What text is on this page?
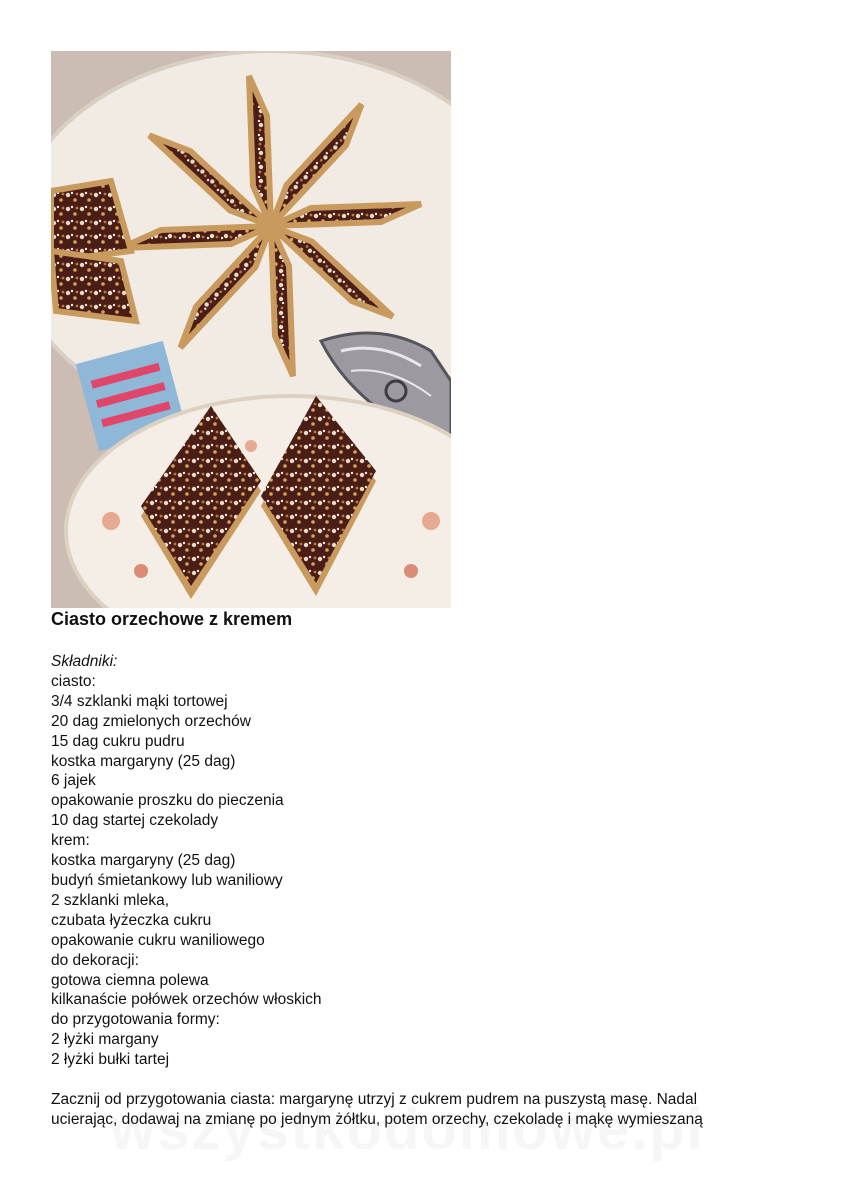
Ciasto orzechowe z kremem
Składniki:
ciasto:
3/4 szklanki mąki tortowej
20 dag zmielonych orzechów
15 dag cukru pudru
kostka margaryny (25 dag)
6 jajek
opakowanie proszku do pieczenia
10 dag startej czekolady
krem:
kostka margaryny (25 dag)
budyń śmietankowy lub waniliowy
2 szklanki mleka,
czubata łyżeczka cukru
opakowanie cukru waniliowego
do dekoracji:
gotowa ciemna polewa
kilkanaście połówek orzechów włoskich
do przygotowania formy:
2 łyżki margany
2 łyżki bułki tartej
Zacznij od przygotowania ciasta: margarynę utrzyj z cukrem pudrem na puszystą masę. Nadal
ucierając, dodawaj na zmianę po jednym żółtku, potem orzechy, czekoladę i mąkę wymieszaną
